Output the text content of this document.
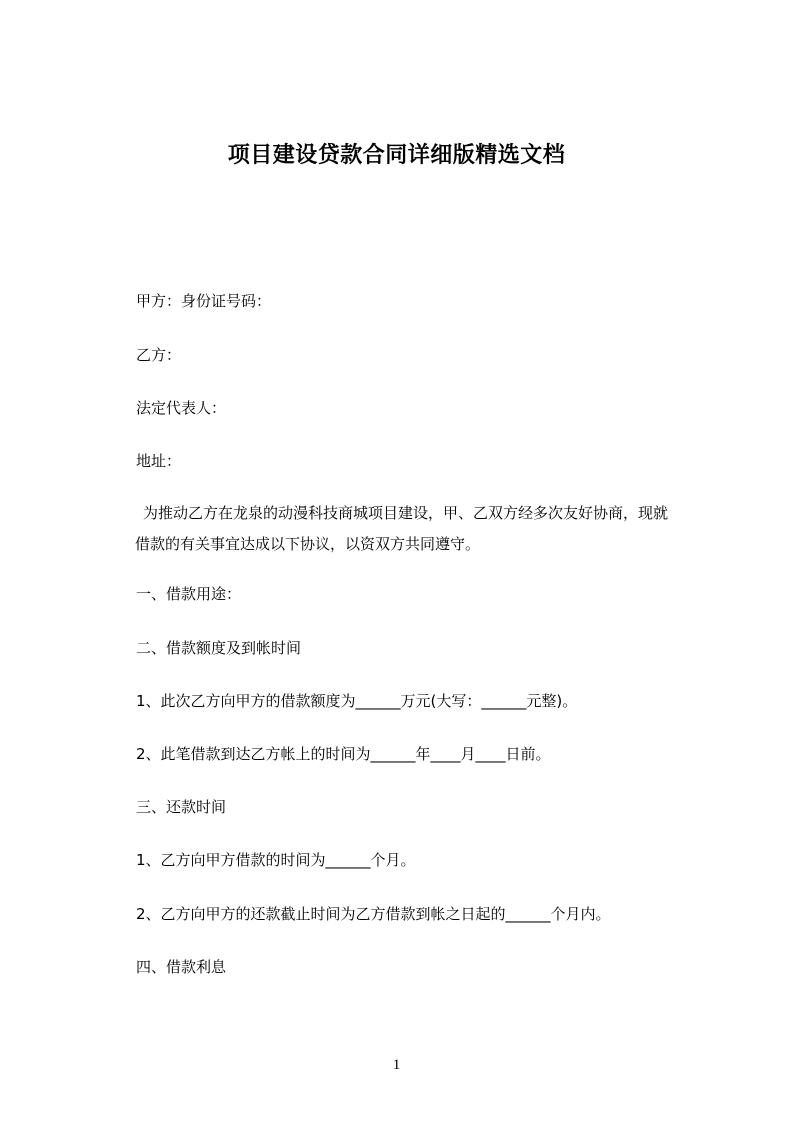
项目建设贷款合同详细版精选文档
甲方：身份证号码：
乙方：
法定代表人：
地址：
为推动乙方在龙泉的动漫科技商城项目建设，甲、乙双方经多次友好协商，现就
借款的有关事宜达成以下协议，以资双方共同遵守。
一、借款用途：
二、借款额度及到帐时间
1、此次乙方向甲方的借款额度为______万元(大写：______元整)。
2、此笔借款到达乙方帐上的时间为______年____月____日前。
三、还款时间
1、乙方向甲方借款的时间为______个月。
2、乙方向甲方的还款截止时间为乙方借款到帐之日起的______个月内。
四、借款利息
1
